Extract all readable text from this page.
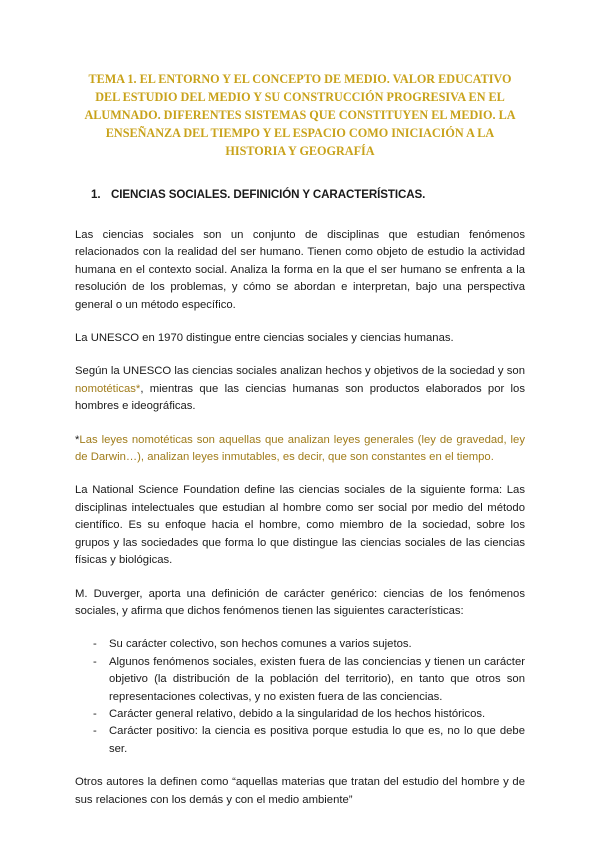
TEMA 1. EL ENTORNO Y EL CONCEPTO DE MEDIO. VALOR EDUCATIVO DEL ESTUDIO DEL MEDIO Y SU CONSTRUCCIÓN PROGRESIVA EN EL ALUMNADO. DIFERENTES SISTEMAS QUE CONSTITUYEN EL MEDIO. LA ENSEÑANZA DEL TIEMPO Y EL ESPACIO COMO INICIACIÓN A LA HISTORIA Y GEOGRAFÍA
1. CIENCIAS SOCIALES. DEFINICIÓN Y CARACTERÍSTICAS.

Las ciencias sociales son un conjunto de disciplinas que estudian fenómenos relacionados con la realidad del ser humano. Tienen como objeto de estudio la actividad humana en el contexto social. Analiza la forma en la que el ser humano se enfrenta a la resolución de los problemas, y cómo se abordan e interpretan, bajo una perspectiva general o un método específico.

La UNESCO en 1970 distingue entre ciencias sociales y ciencias humanas.

Según la UNESCO las ciencias sociales analizan hechos y objetivos de la sociedad y son nomotéticas*, mientras que las ciencias humanas son productos elaborados por los hombres e ideográficas.

*Las leyes nomotéticas son aquellas que analizan leyes generales (ley de gravedad, ley de Darwin…), analizan leyes inmutables, es decir, que son constantes en el tiempo.

La National Science Foundation define las ciencias sociales de la siguiente forma: Las disciplinas intelectuales que estudian al hombre como ser social por medio del método científico. Es su enfoque hacia el hombre, como miembro de la sociedad, sobre los grupos y las sociedades que forma lo que distingue las ciencias sociales de las ciencias físicas y biológicas.

M. Duverger, aporta una definición de carácter genérico: ciencias de los fenómenos sociales, y afirma que dichos fenómenos tienen las siguientes características:

- Su carácter colectivo, son hechos comunes a varios sujetos.
- Algunos fenómenos sociales, existen fuera de las conciencias y tienen un carácter objetivo (la distribución de la población del territorio), en tanto que otros son representaciones colectivas, y no existen fuera de las conciencias.
- Carácter general relativo, debido a la singularidad de los hechos históricos.
- Carácter positivo: la ciencia es positiva porque estudia lo que es, no lo que debe ser.

Otros autores la definen como “aquellas materias que tratan del estudio del hombre y de sus relaciones con los demás y con el medio ambiente”
